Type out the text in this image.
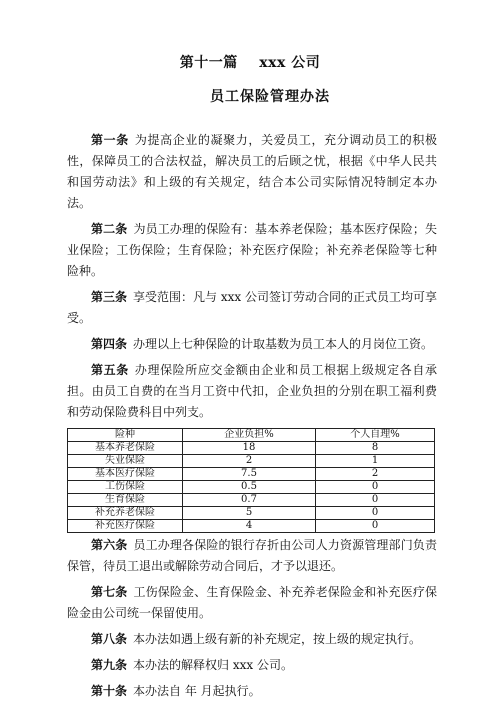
第十一篇    xxx 公司
员工保险管理办法

第一条 为提高企业的凝聚力，关爱员工，充分调动员工的积极性，保障员工的合法权益，解决员工的后顾之忧，根据《中华人民共和国劳动法》和上级的有关规定，结合本公司实际情况特制定本办法。

第二条 为员工办理的保险有：基本养老保险；基本医疗保险；失业保险；工伤保险；生育保险；补充医疗保险；补充养老保险等七种险种。

第三条 享受范围：凡与 xxx 公司签订劳动合同的正式员工均可享受。

第四条 办理以上七种保险的计取基数为员工本人的月岗位工资。

第五条 办理保险所应交金额由企业和员工根据上级规定各自承担。由员工自费的在当月工资中代扣，企业负担的分别在职工福利费和劳动保险费科目中列支。

险种	企业负担%	个人自理%
基本养老保险	18	8
失业保险	2	1
基本医疗保险	7.5	2
工伤保险	0.5	0
生育保险	0.7	0
补充养老保险	5	0
补充医疗保险	4	0

第六条 员工办理各保险的银行存折由公司人力资源管理部门负责保管，待员工退出或解除劳动合同后，才予以退还。

第七条 工伤保险金、生育保险金、补充养老保险金和补充医疗保险金由公司统一保留使用。

第八条 本办法如遇上级有新的补充规定，按上级的规定执行。

第九条 本办法的解释权归 xxx 公司。

第十条 本办法自 年 月起执行。
